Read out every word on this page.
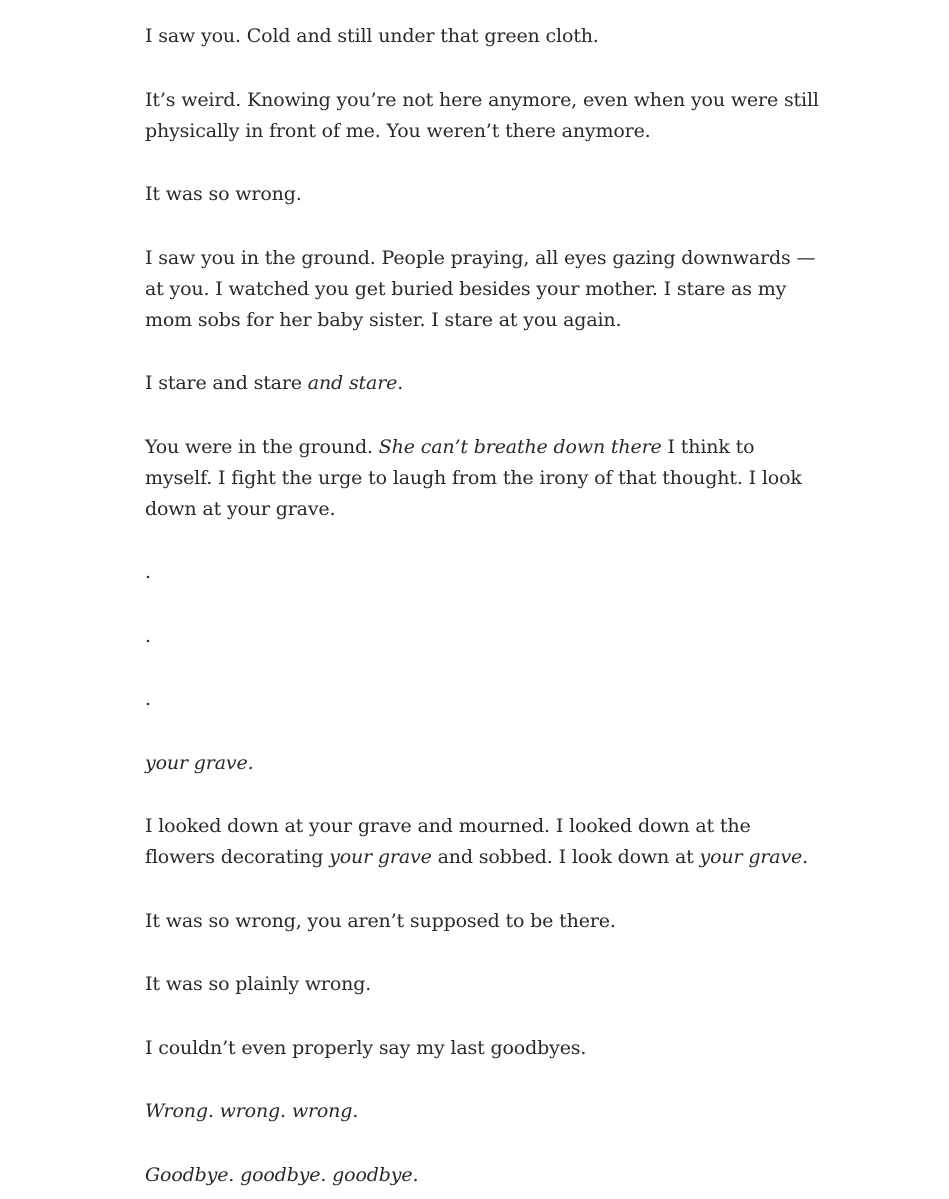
I saw you. Cold and still under that green cloth.

It’s weird. Knowing you’re not here anymore, even when you were still physically in front of me. You weren’t there anymore.

It was so wrong.

I saw you in the ground. People praying, all eyes gazing downwards — at you. I watched you get buried besides your mother. I stare as my mom sobs for her baby sister. I stare at you again.

I stare and stare and stare.

You were in the ground. She can’t breathe down there I think to myself. I fight the urge to laugh from the irony of that thought. I look down at your grave.

.

.

.

your grave.

I looked down at your grave and mourned. I looked down at the flowers decorating your grave and sobbed. I look down at your grave.

It was so wrong, you aren’t supposed to be there.

It was so plainly wrong.

I couldn’t even properly say my last goodbyes.

Wrong. wrong. wrong.

Goodbye. goodbye. goodbye.
